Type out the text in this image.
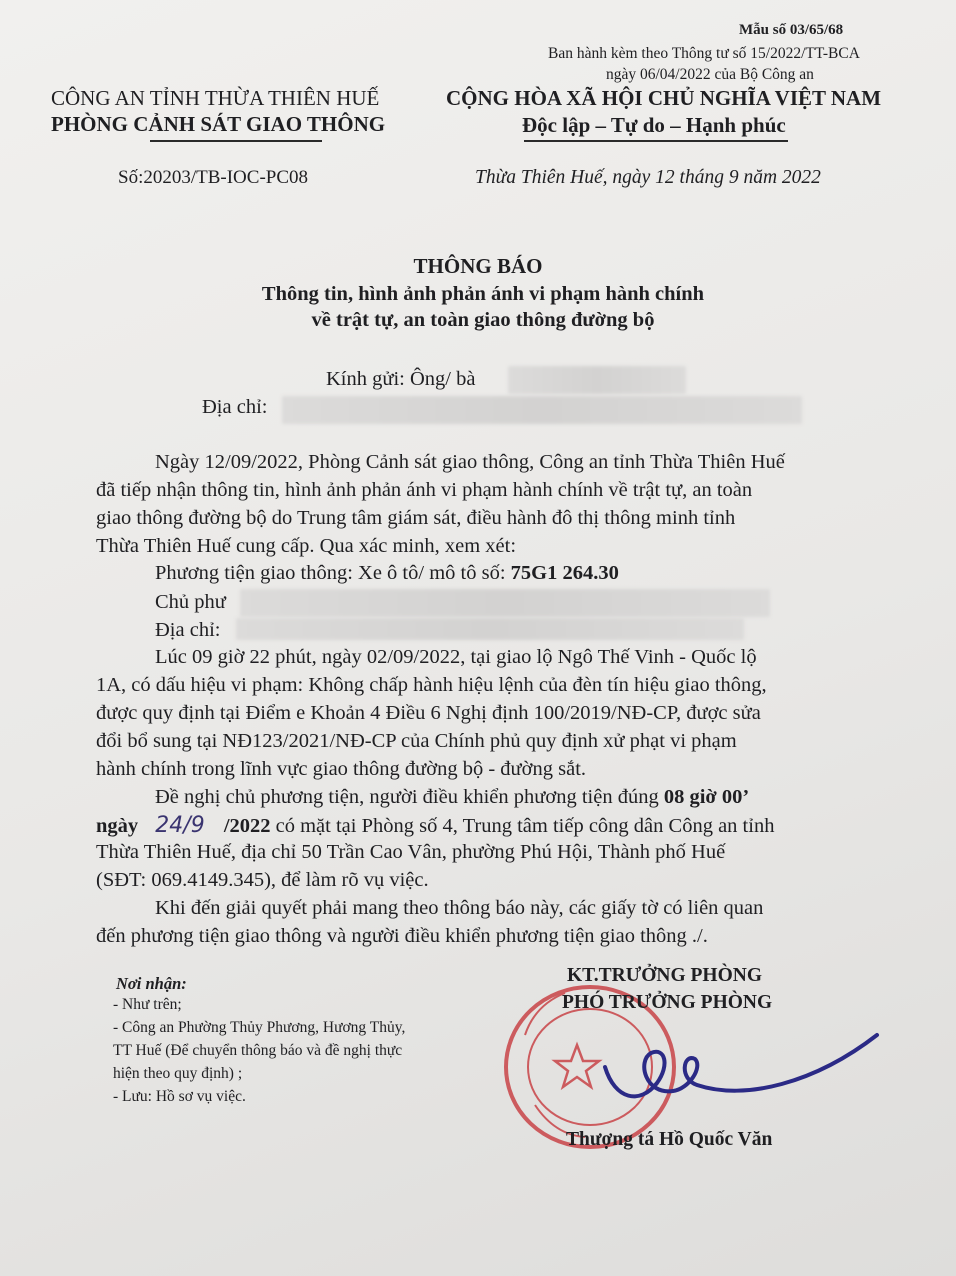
Mẫu số 03/65/68
Ban hành kèm theo Thông tư số 15/2022/TT-BCA
ngày 06/04/2022 của Bộ Công an
CÔNG AN TỈNH THỪA THIÊN HUẾ
PHÒNG CẢNH SÁT GIAO THÔNG
CỘNG HÒA XÃ HỘI CHỦ NGHĨA VIỆT NAM
Độc lập – Tự do – Hạnh phúc
Số:20203/TB-IOC-PC08	Thừa Thiên Huế, ngày 12 tháng 9 năm 2022
THÔNG BÁO
Thông tin, hình ảnh phản ánh vi phạm hành chính
về trật tự, an toàn giao thông đường bộ
Kính gửi: Ông/ bà
Địa chỉ:
Ngày 12/09/2022, Phòng Cảnh sát giao thông, Công an tỉnh Thừa Thiên Huế
đã tiếp nhận thông tin, hình ảnh phản ánh vi phạm hành chính về trật tự, an toàn
giao thông đường bộ do Trung tâm giám sát, điều hành đô thị thông minh tỉnh
Thừa Thiên Huế cung cấp. Qua xác minh, xem xét:
Phương tiện giao thông: Xe ô tô/ mô tô số: 75G1 264.30
Chủ phư
Địa chỉ:
Lúc 09 giờ 22 phút, ngày 02/09/2022, tại giao lộ Ngô Thế Vinh - Quốc lộ
1A, có dấu hiệu vi phạm: Không chấp hành hiệu lệnh của đèn tín hiệu giao thông,
được quy định tại Điểm e Khoản 4 Điều 6 Nghị định 100/2019/NĐ-CP, được sửa
đổi bổ sung tại NĐ123/2021/NĐ-CP của Chính phủ quy định xử phạt vi phạm
hành chính trong lĩnh vực giao thông đường bộ - đường sắt.
Đề nghị chủ phương tiện, người điều khiển phương tiện đúng 08 giờ 00’
ngày 24/9 /2022 có mặt tại Phòng số 4, Trung tâm tiếp công dân Công an tỉnh
Thừa Thiên Huế, địa chỉ 50 Trần Cao Vân, phường Phú Hội, Thành phố Huế
(SĐT: 069.4149.345), để làm rõ vụ việc.
Khi đến giải quyết phải mang theo thông báo này, các giấy tờ có liên quan
đến phương tiện giao thông và người điều khiển phương tiện giao thông ./.
Nơi nhận:
- Như trên;
- Công an Phường Thủy Phương, Hương Thủy,
TT Huế (Để chuyển thông báo và đề nghị thực
hiện theo quy định) ;
- Lưu: Hồ sơ vụ việc.
KT.TRƯỞNG PHÒNG
PHÓ TRƯỞNG PHÒNG
Thượng tá Hồ Quốc Văn
